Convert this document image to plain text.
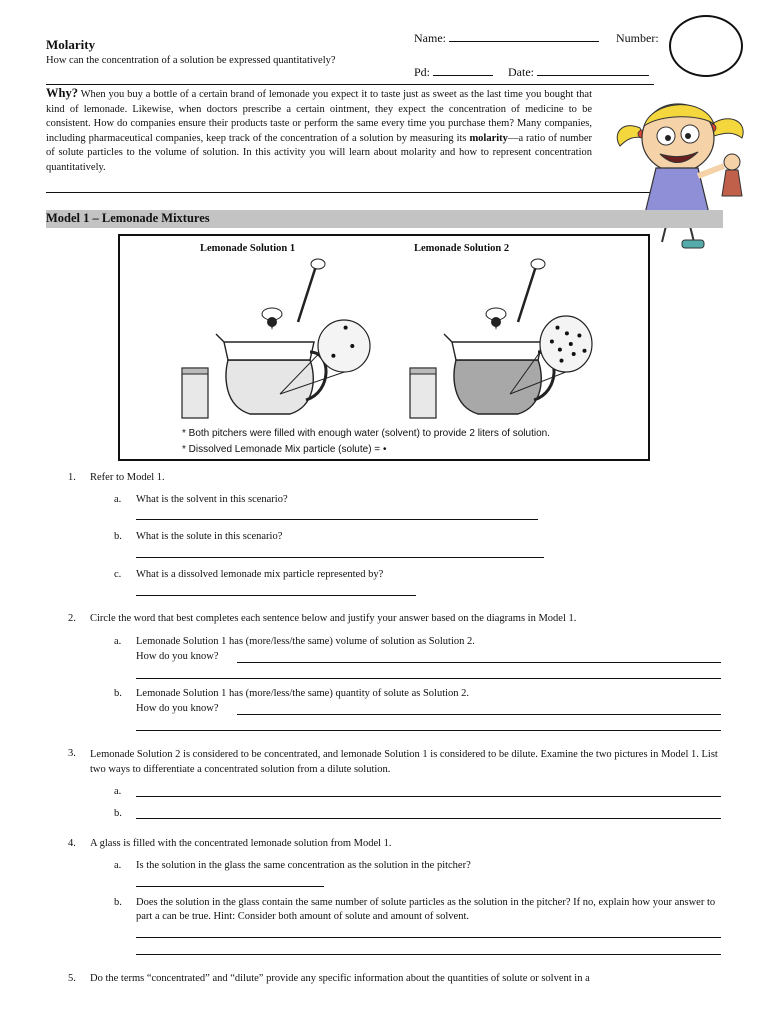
Molarity
How can the concentration of a solution be expressed quantitatively?
Name:	Number:
Pd:	Date:
Why? When you buy a bottle of a certain brand of lemonade you expect it to taste just as sweet as the last time you bought that kind of lemonade. Likewise, when doctors prescribe a certain ointment, they expect the concentration of medicine to be consistent. How do companies ensure their products taste or perform the same every time you purchase them? Many companies, including pharmaceutical companies, keep track of the concentration of a solution by measuring its molarity—a ratio of number of solute particles to the volume of solution. In this activity you will learn about molarity and how to represent concentration quantitatively.
Model 1 – Lemonade Mixtures
Lemonade Solution 1	Lemonade Solution 2
* Both pitchers were filled with enough water (solvent) to provide 2 liters of solution.
* Dissolved Lemonade Mix particle (solute) = •
1. Refer to Model 1.
a. What is the solvent in this scenario?
b. What is the solute in this scenario?
c. What is a dissolved lemonade mix particle represented by?
2. Circle the word that best completes each sentence below and justify your answer based on the diagrams in Model 1.
a. Lemonade Solution 1 has (more/less/the same) volume of solution as Solution 2.
How do you know?
b. Lemonade Solution 1 has (more/less/the same) quantity of solute as Solution 2.
How do you know?
3. Lemonade Solution 2 is considered to be concentrated, and lemonade Solution 1 is considered to be dilute. Examine the two pictures in Model 1. List two ways to differentiate a concentrated solution from a dilute solution.
a.
b.
4. A glass is filled with the concentrated lemonade solution from Model 1.
a. Is the solution in the glass the same concentration as the solution in the pitcher?
b. Does the solution in the glass contain the same number of solute particles as the solution in the pitcher? If no, explain how your answer to part a can be true. Hint: Consider both amount of solute and amount of solvent.
5. Do the terms “concentrated” and “dilute” provide any specific information about the quantities of solute or solvent in a
